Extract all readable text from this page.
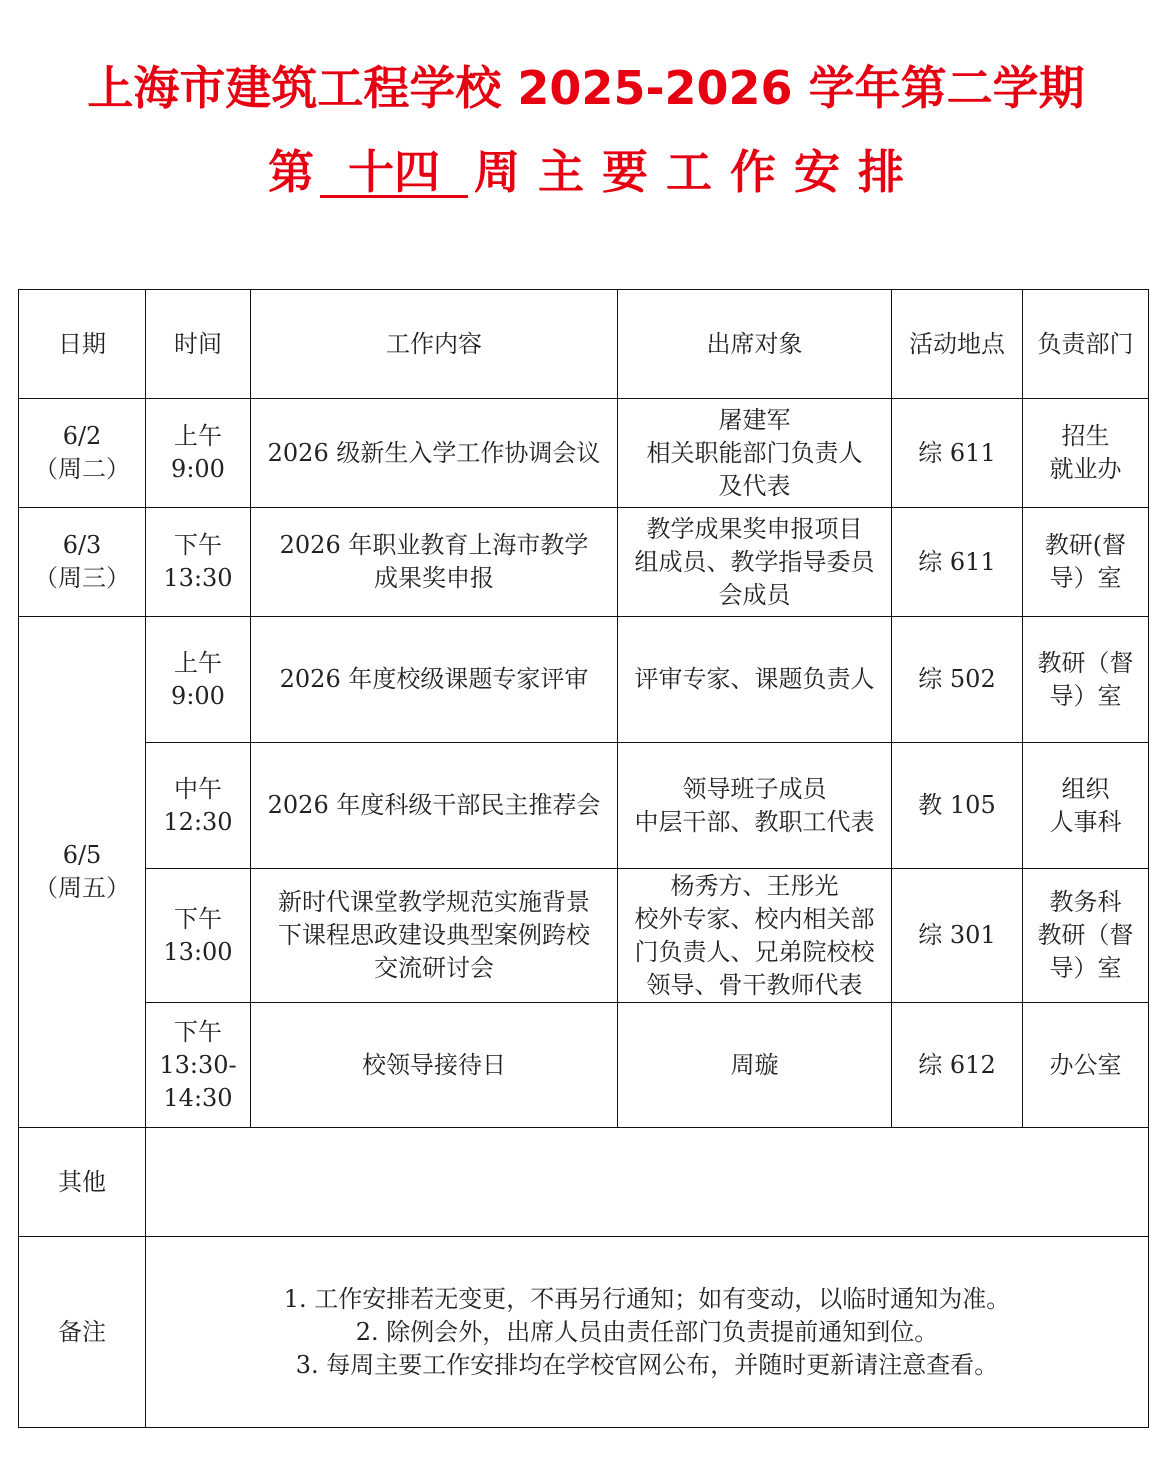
上海市建筑工程学校 2025-2026 学年第二学期
第 十四 周 主 要 工 作 安 排
日期	时间	工作内容	出席对象	活动地点	负责部门

6/2
（周二）	上午
9:00	2026 级新生入学工作协调会议	屠建军
相关职能部门负责人
及代表	综 611	招生
就业办

6/3
（周三）	下午
13:30	2026 年职业教育上海市教学
成果奖申报	教学成果奖申报项目
组成员、教学指导委员
会成员	综 611	教研(督
导）室

6/5
（周五）	上午
9:00	2026 年度校级课题专家评审	评审专家、课题负责人	综 502	教研（督
导）室

	中午
12:30	2026 年度科级干部民主推荐会	领导班子成员
中层干部、教职工代表	教 105	组织
人事科

	下午
13:00	新时代课堂教学规范实施背景
下课程思政建设典型案例跨校
交流研讨会	杨秀方、王彤光
校外专家、校内相关部
门负责人、兄弟院校校
领导、骨干教师代表	综 301	教务科
教研（督
导）室

	下午
13:30-
14:30	校领导接待日	周璇	综 612	办公室

其他					
备注	1. 工作安排若无变更，不再另行通知；如有变动，以临时通知为准。
2. 除例会外，出席人员由责任部门负责提前通知到位。
3. 每周主要工作安排均在学校官网公布，并随时更新请注意查看。				
